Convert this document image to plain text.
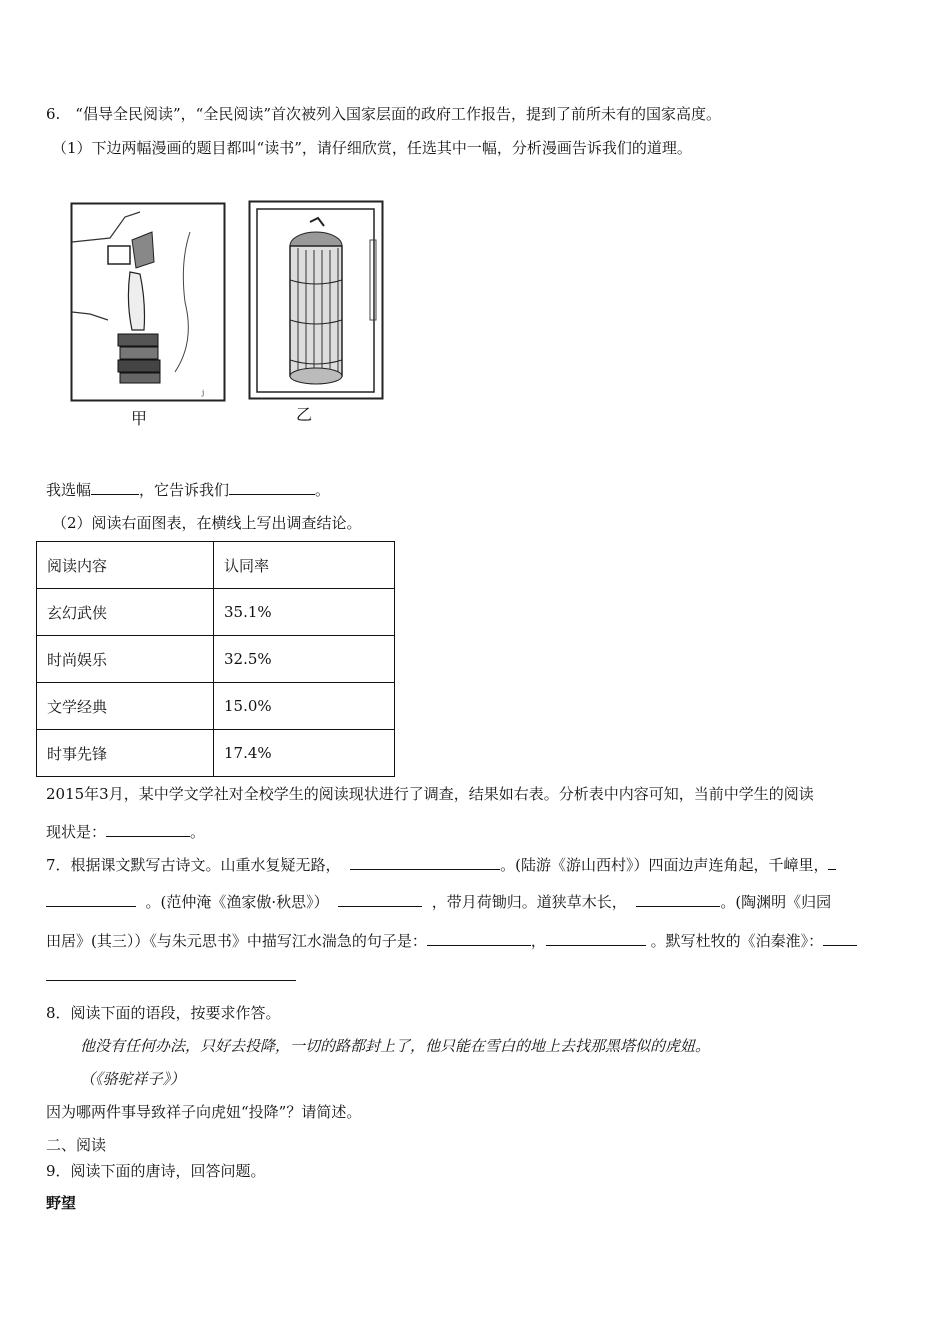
6.　“倡导全民阅读”，“全民阅读”首次被列入国家层面的政府工作报告，提到了前所未有的国家高度。
（1）下边两幅漫画的题目都叫“读书”，请仔细欣赏，任选其中一幅，分析漫画告诉我们的道理。
j
甲	乙
我选幅	，它告诉我们	。
（2）阅读右面图表，在横线上写出调查结论。
阅读内容	认同率
玄幻武侠	35.1%
时尚娱乐	32.5%
文学经典	15.0%
时事先锋	17.4%
2015年3月，某中学文学社对全校学生的阅读现状进行了调查，结果如右表。分析表中内容可知，当前中学生的阅读
现状是：	。
7．根据课文默写古诗文。山重水复疑无路，	。(陆游《游山西村》）四面边声连角起，千嶂里，
。(范仲淹《渔家傲·秋思》）	，带月荷锄归。道狭草木长，	。(陶渊明《归园
田居》(其三））《与朱元思书》中描写江水湍急的句子是：	，	。默写杜牧的《泊秦淮》：
8．阅读下面的语段，按要求作答。
他没有任何办法，只好去投降，一切的路都封上了，他只能在雪白的地上去找那黑塔似的虎妞。
（《骆驼祥子》）
因为哪两件事导致祥子向虎妞“投降”？请简述。
二、阅读
9．阅读下面的唐诗，回答问题。
野望
